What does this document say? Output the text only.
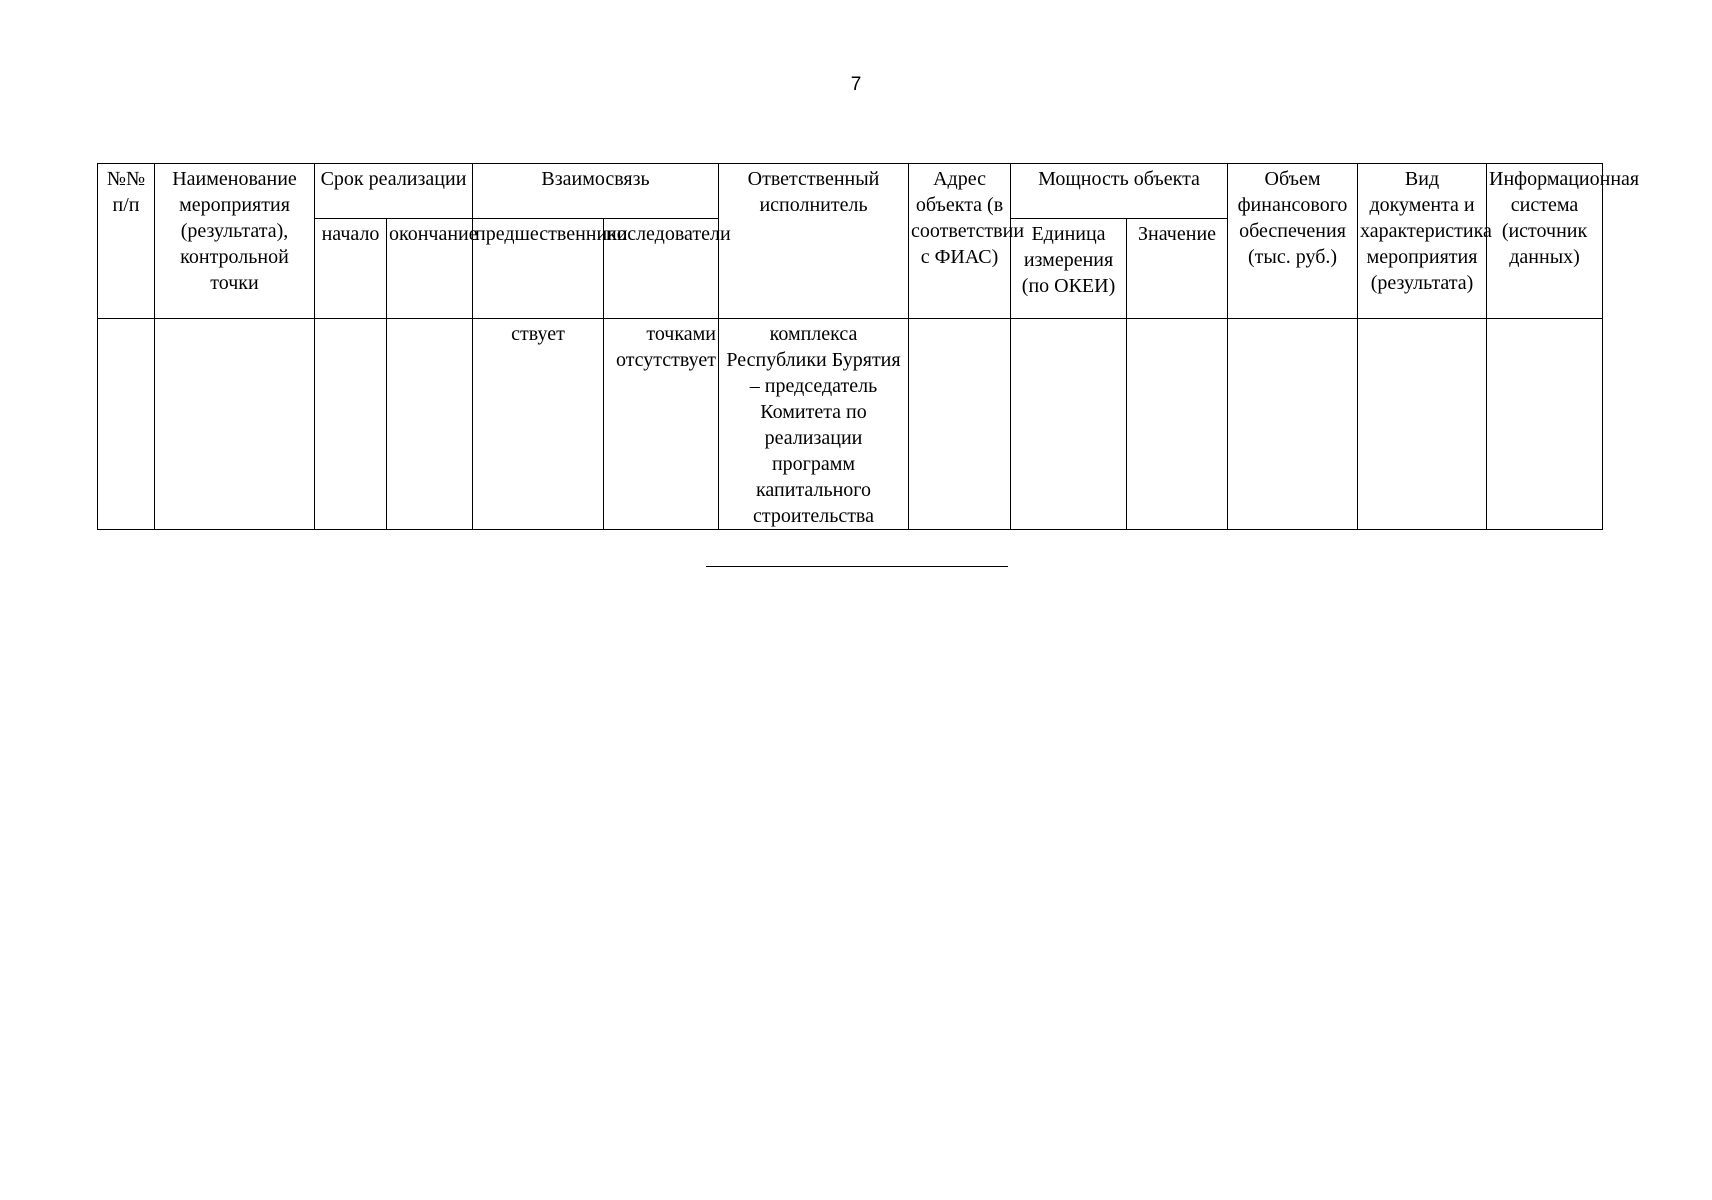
7
№№ п/п	Наименование мероприятия (результата), контрольной точки	Срок реализации		Взаимосвязь		Ответственный исполнитель	Адрес объекта (в соответствии с ФИАС)	Мощность объекта		Объем финансового обеспечения (тыс. руб.)	Вид документа и характеристика мероприятия (результата)	Информационная система (источник данных)
		начало	окончание	предшественники	последователи			Единица измерения (по ОКЕИ)	Значение			
				ствует	точками отсутствует	комплекса Республики Бурятия – председатель Комитета по реализации программ капитального строительства						
